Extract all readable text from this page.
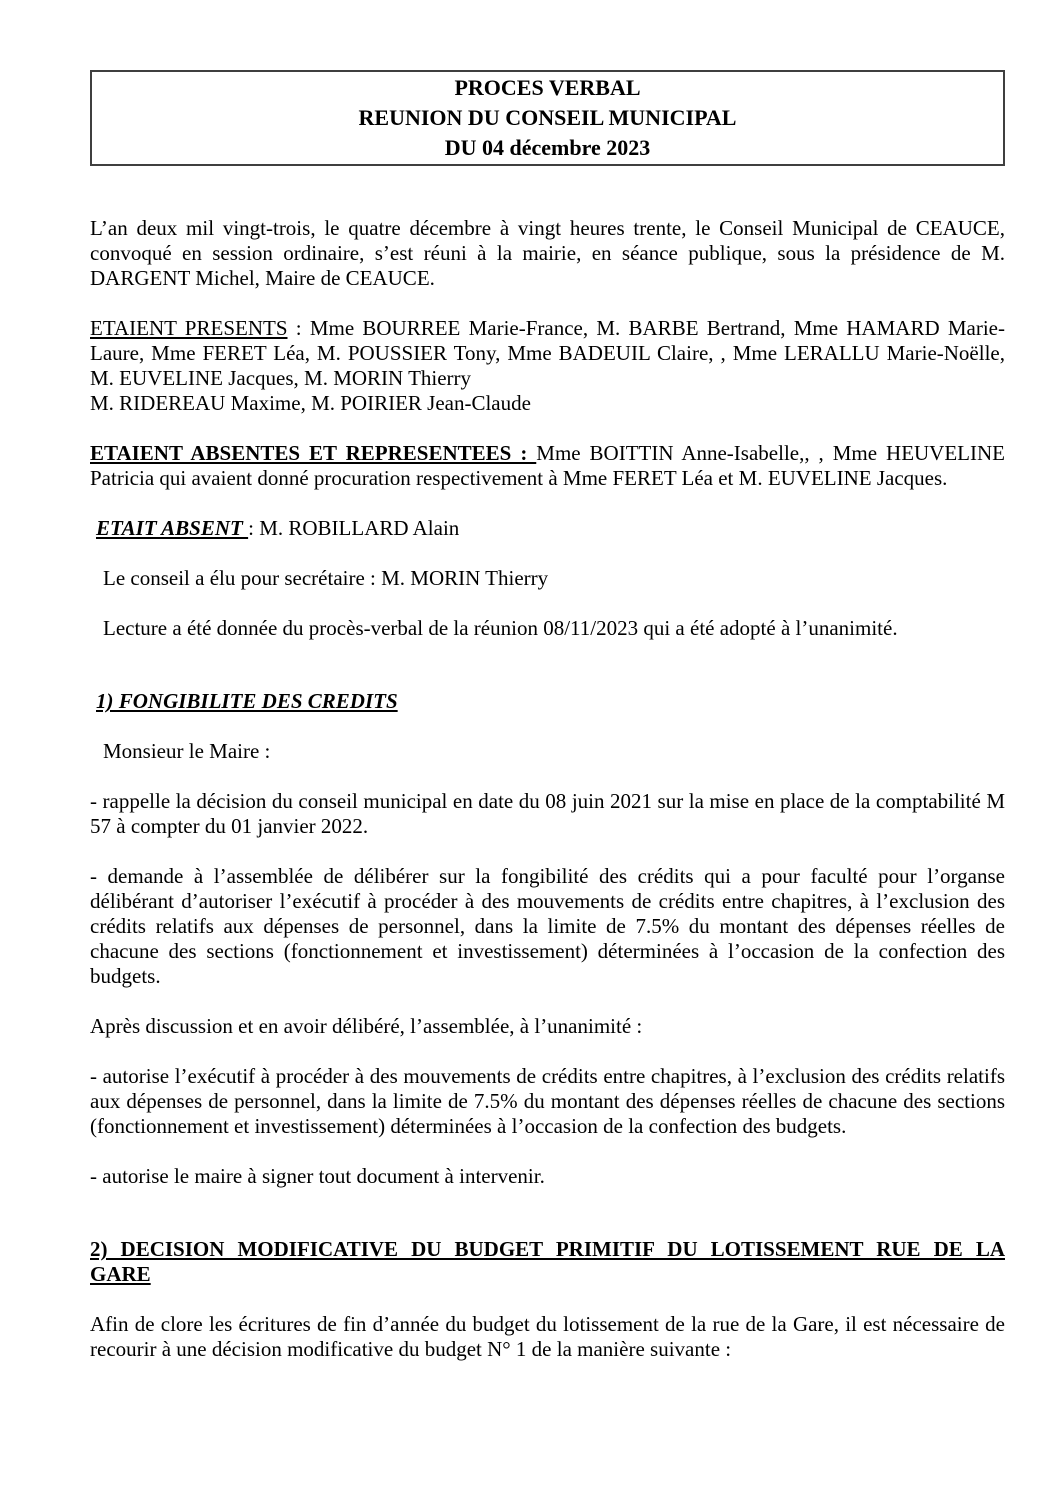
PROCES VERBAL
REUNION DU CONSEIL MUNICIPAL
DU 04 décembre 2023

L’an deux mil vingt-trois, le quatre décembre à vingt heures trente, le Conseil Municipal de CEAUCE, convoqué en session ordinaire, s’est réuni à la mairie, en séance publique, sous la présidence de M. DARGENT Michel, Maire de CEAUCE.

ETAIENT PRESENTS : Mme BOURREE Marie-France, M. BARBE Bertrand, Mme HAMARD Marie-Laure, Mme FERET Léa, M. POUSSIER Tony, Mme BADEUIL Claire, , Mme LERALLU Marie-Noëlle, M. EUVELINE Jacques, M. MORIN Thierry

M. RIDEREAU Maxime, M. POIRIER Jean-Claude

ETAIENT ABSENTES ET REPRESENTEES : Mme BOITTIN Anne-Isabelle,, , Mme HEUVELINE Patricia qui avaient donné procuration respectivement à Mme FERET Léa et M. EUVELINE Jacques.

ETAIT ABSENT : M. ROBILLARD Alain

Le conseil a élu pour secrétaire : M. MORIN Thierry

Lecture a été donnée du procès-verbal de la réunion 08/11/2023 qui a été adopté à l’unanimité.

1) FONGIBILITE DES CREDITS

Monsieur le Maire :

- rappelle la décision du conseil municipal en date du 08 juin 2021 sur la mise en place de la comptabilité M 57 à compter du 01 janvier 2022.

- demande à l’assemblée de délibérer sur la fongibilité des crédits qui a pour faculté pour l’organse délibérant d’autoriser l’exécutif à procéder à des mouvements de crédits entre chapitres, à l’exclusion des crédits relatifs aux dépenses de personnel, dans la limite de 7.5% du montant des dépenses réelles de chacune des sections (fonctionnement et investissement) déterminées à l’occasion de la confection des budgets.

Après discussion et en avoir délibéré, l’assemblée, à l’unanimité :

- autorise l’exécutif à procéder à des mouvements de crédits entre chapitres, à l’exclusion des crédits relatifs aux dépenses de personnel, dans la limite de 7.5% du montant des dépenses réelles de chacune des sections (fonctionnement et investissement) déterminées à l’occasion de la confection des budgets.

- autorise le maire à signer tout document à intervenir.

2) DECISION MODIFICATIVE DU BUDGET PRIMITIF DU LOTISSEMENT RUE DE LA
GARE

Afin de clore les écritures de fin d’année du budget du lotissement de la rue de la Gare, il est nécessaire de recourir à une décision modificative du budget N° 1 de la manière suivante :
